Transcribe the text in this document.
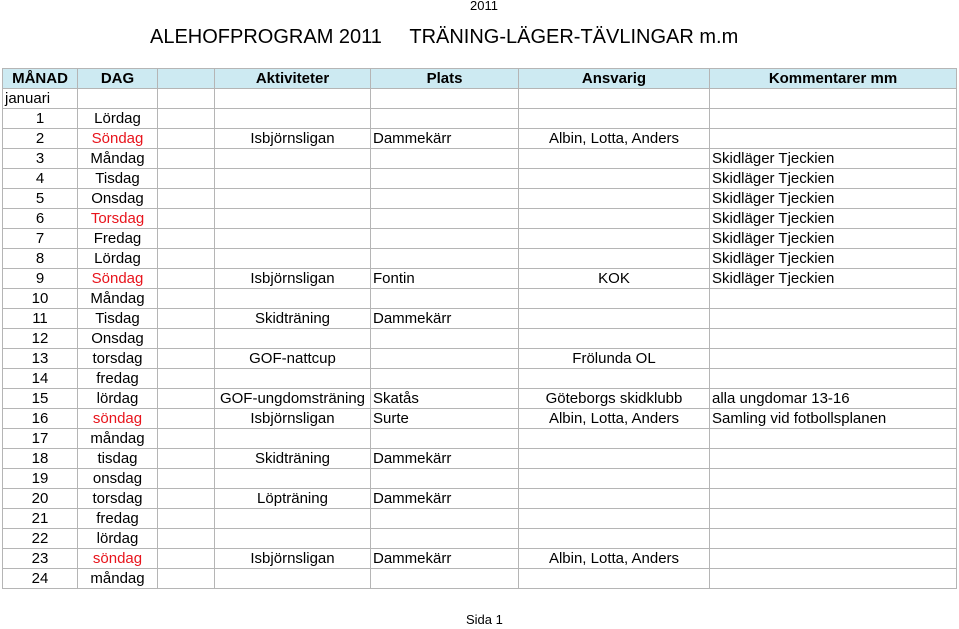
2011
ALEHOFPROGRAM 2011     TRÄNING-LÄGER-TÄVLINGAR m.m
MÅNAD	DAG		Aktiviteter	Plats	Ansvarig	Kommentarer mm
januari						
1	Lördag					
2	Söndag		Isbjörnsligan	Dammekärr	Albin, Lotta, Anders	
3	Måndag					Skidläger Tjeckien
4	Tisdag					Skidläger Tjeckien
5	Onsdag					Skidläger Tjeckien
6	Torsdag					Skidläger Tjeckien
7	Fredag					Skidläger Tjeckien
8	Lördag					Skidläger Tjeckien
9	Söndag		Isbjörnsligan	Fontin	KOK	Skidläger Tjeckien
10	Måndag					
11	Tisdag		Skidträning	Dammekärr		
12	Onsdag					
13	torsdag		GOF-nattcup		Frölunda OL	
14	fredag					
15	lördag		GOF-ungdomsträning	Skatås	Göteborgs skidklubb	alla ungdomar 13-16
16	söndag		Isbjörnsligan	Surte	Albin, Lotta, Anders	Samling vid fotbollsplanen
17	måndag					
18	tisdag		Skidträning	Dammekärr		
19	onsdag					
20	torsdag		Löpträning	Dammekärr		
21	fredag					
22	lördag					
23	söndag		Isbjörnsligan	Dammekärr	Albin, Lotta, Anders	
24	måndag					
Sida 1
